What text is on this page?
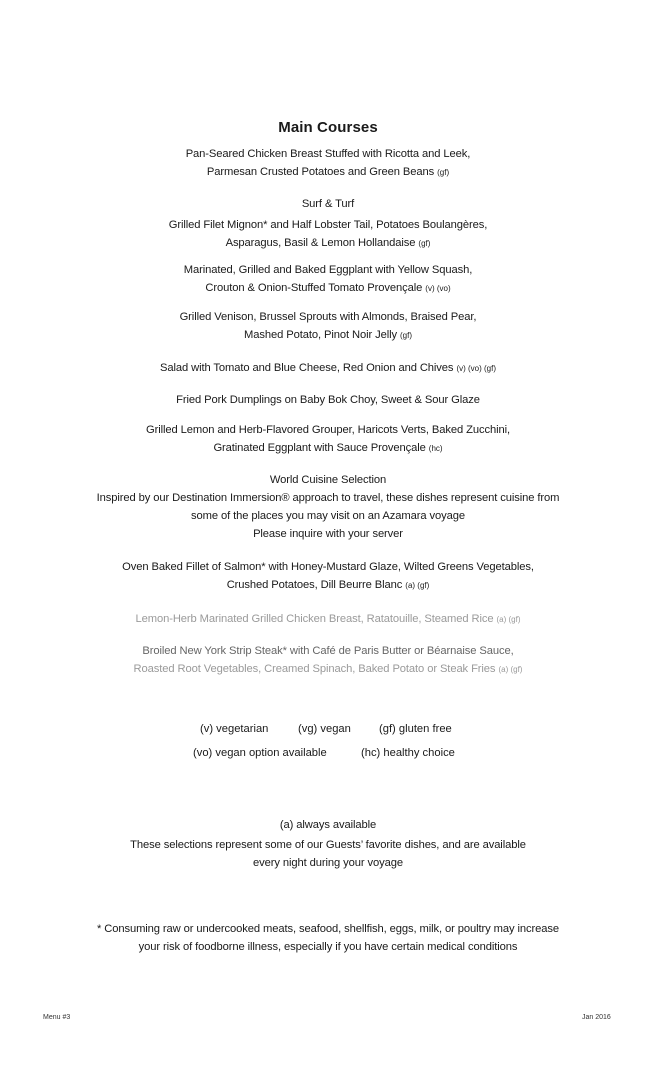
Main Courses
Pan-Seared Chicken Breast Stuffed with Ricotta and Leek,
Parmesan Crusted Potatoes and Green Beans (gf)
Surf & Turf
Grilled Filet Mignon* and Half Lobster Tail, Potatoes Boulangères,
Asparagus, Basil & Lemon Hollandaise (gf)
Marinated, Grilled and Baked Eggplant with Yellow Squash,
Crouton & Onion-Stuffed Tomato Provençale (v) (vo)
Grilled Venison, Brussel Sprouts with Almonds, Braised Pear,
Mashed Potato, Pinot Noir Jelly (gf)
Salad with Tomato and Blue Cheese, Red Onion and Chives (v) (vo) (gf)
Fried Pork Dumplings on Baby Bok Choy, Sweet & Sour Glaze
Grilled Lemon and Herb-Flavored Grouper, Haricots Verts, Baked Zucchini,
Gratinated Eggplant with Sauce Provençale (hc)
World Cuisine Selection
Inspired by our Destination Immersion® approach to travel, these dishes represent cuisine from
some of the places you may visit on an Azamara voyage
Please inquire with your server
Oven Baked Fillet of Salmon* with Honey-Mustard Glaze, Wilted Greens Vegetables,
Crushed Potatoes, Dill Beurre Blanc (a) (gf)
Lemon-Herb Marinated Grilled Chicken Breast, Ratatouille, Steamed Rice (a) (gf)
Broiled New York Strip Steak* with Café de Paris Butter or Béarnaise Sauce,
Roasted Root Vegetables, Creamed Spinach, Baked Potato or Steak Fries (a) (gf)
(v) vegetarian	(vg) vegan	(gf) gluten free
(vo) vegan option available	(hc) healthy choice
(a) always available
These selections represent some of our Guests’ favorite dishes, and are available
every night during your voyage
* Consuming raw or undercooked meats, seafood, shellfish, eggs, milk, or poultry may increase
your risk of foodborne illness, especially if you have certain medical conditions
Menu #3	Jan 2016
